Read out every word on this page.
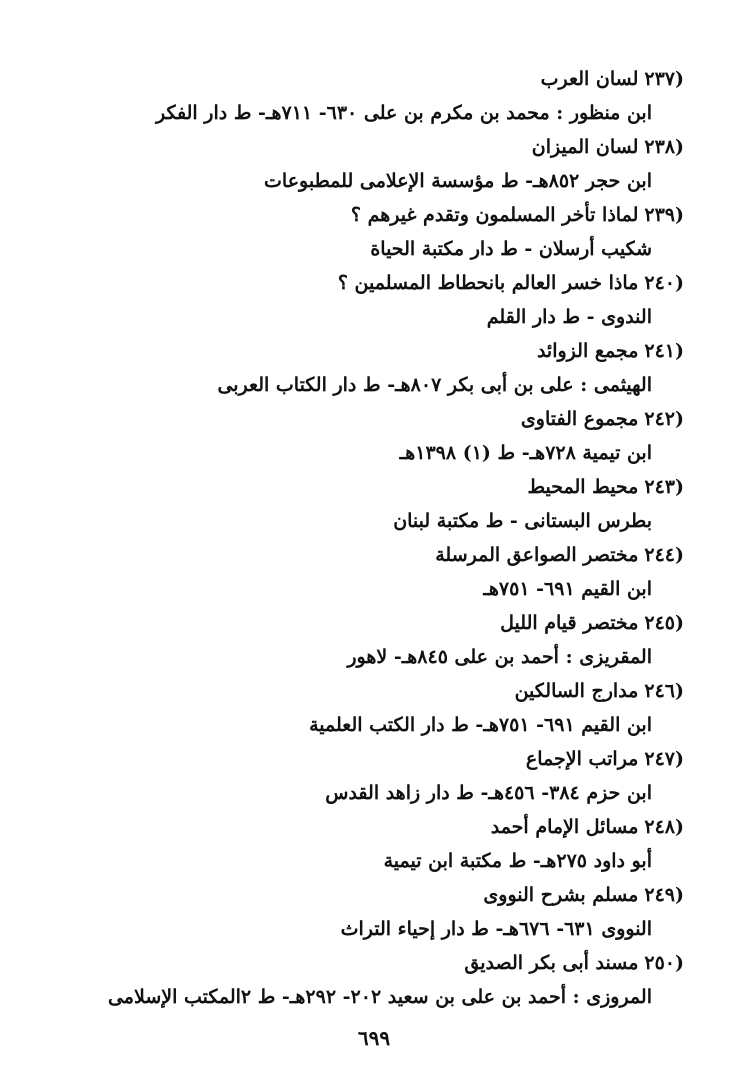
(٢٣٧لسان العرب

ابن منظور : محمد بن مكرم بن على ٦٣٠- ٧١١هـ- ط دار الفكر

(٢٣٨لسان الميزان

ابن حجر ٨٥٢هـ- ط مؤسسة الإعلامى للمطبوعات

(٢٣٩لماذا تأخر المسلمون وتقدم غيرهم ؟

شكيب أرسلان - ط دار مكتبة الحياة

(٢٤٠ماذا خسر العالم بانحطاط المسلمين ؟

الندوى - ط دار القلم

(٢٤١مجمع الزوائد

الهيثمى : على بن أبى بكر ٨٠٧هـ- ط دار الكتاب العربى

(٢٤٢مجموع الفتاوى

ابن تيمية ٧٢٨هـ- ط (١) ١٣٩٨هـ

(٢٤٣محيط المحيط

بطرس البستانى - ط مكتبة لبنان

(٢٤٤مختصر الصواعق المرسلة

ابن القيم ٦٩١- ٧٥١هـ

(٢٤٥مختصر قيام الليل

المقريزى : أحمد بن على ٨٤٥هـ- لاهور

(٢٤٦مدارج السالكين

ابن القيم ٦٩١- ٧٥١هـ- ط دار الكتب العلمية

(٢٤٧مراتب الإجماع

ابن حزم ٣٨٤- ٤٥٦هـ- ط دار زاهد القدس

(٢٤٨مسائل الإمام أحمد

أبو داود ٢٧٥هـ- ط مكتبة ابن تيمية

(٢٤٩مسلم بشرح النووى

النووى ٦٣١- ٦٧٦هـ- ط دار إحياء التراث

(٢٥٠مسند أبى بكر الصديق

المروزى : أحمد بن على بن سعيد ٢٠٢- ٢٩٢هـ- ط ٢المكتب الإسلامى

٦٩٩
